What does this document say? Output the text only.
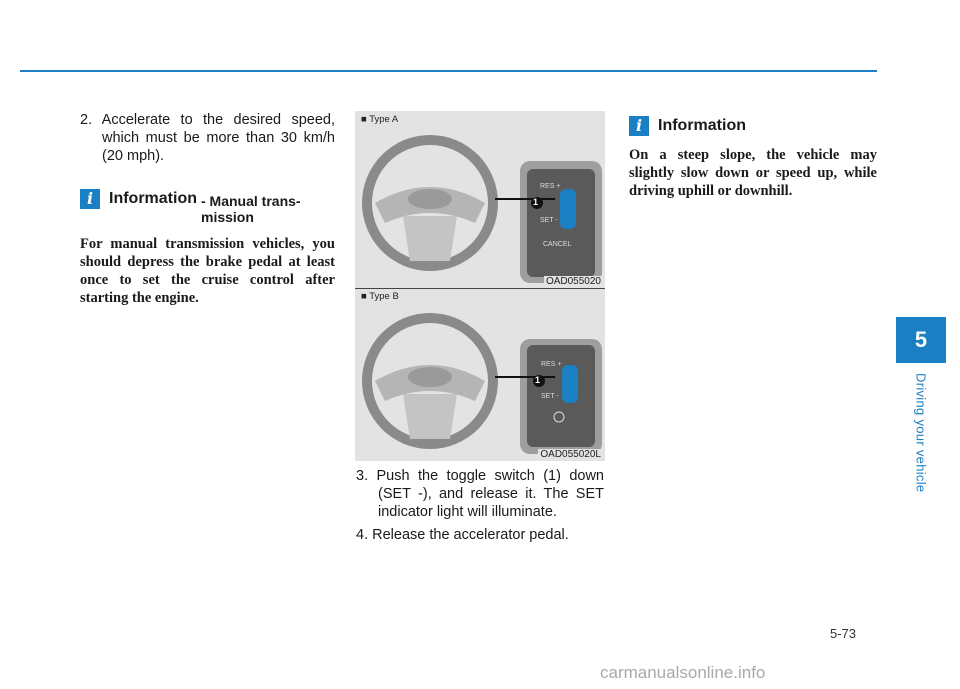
2. Accelerate to the desired speed, which must be more than 30 km/h (20 mph).
i Information - Manual trans- mission
For manual transmission vehicles, you should depress the brake pedal at least once to set the cruise control after starting the engine.
■ Type A
1
RES +
SET -
CANCEL
OAD055020
■ Type B
1
RES +
SET -
OAD055020L
3. Push the toggle switch (1) down (SET -), and release it. The SET indicator light will illuminate.
4. Release the accelerator pedal.
i Information
On a steep slope, the vehicle may slightly slow down or speed up, while driving uphill or downhill.
5
Driving your vehicle
5-73
carmanualsonline.info
